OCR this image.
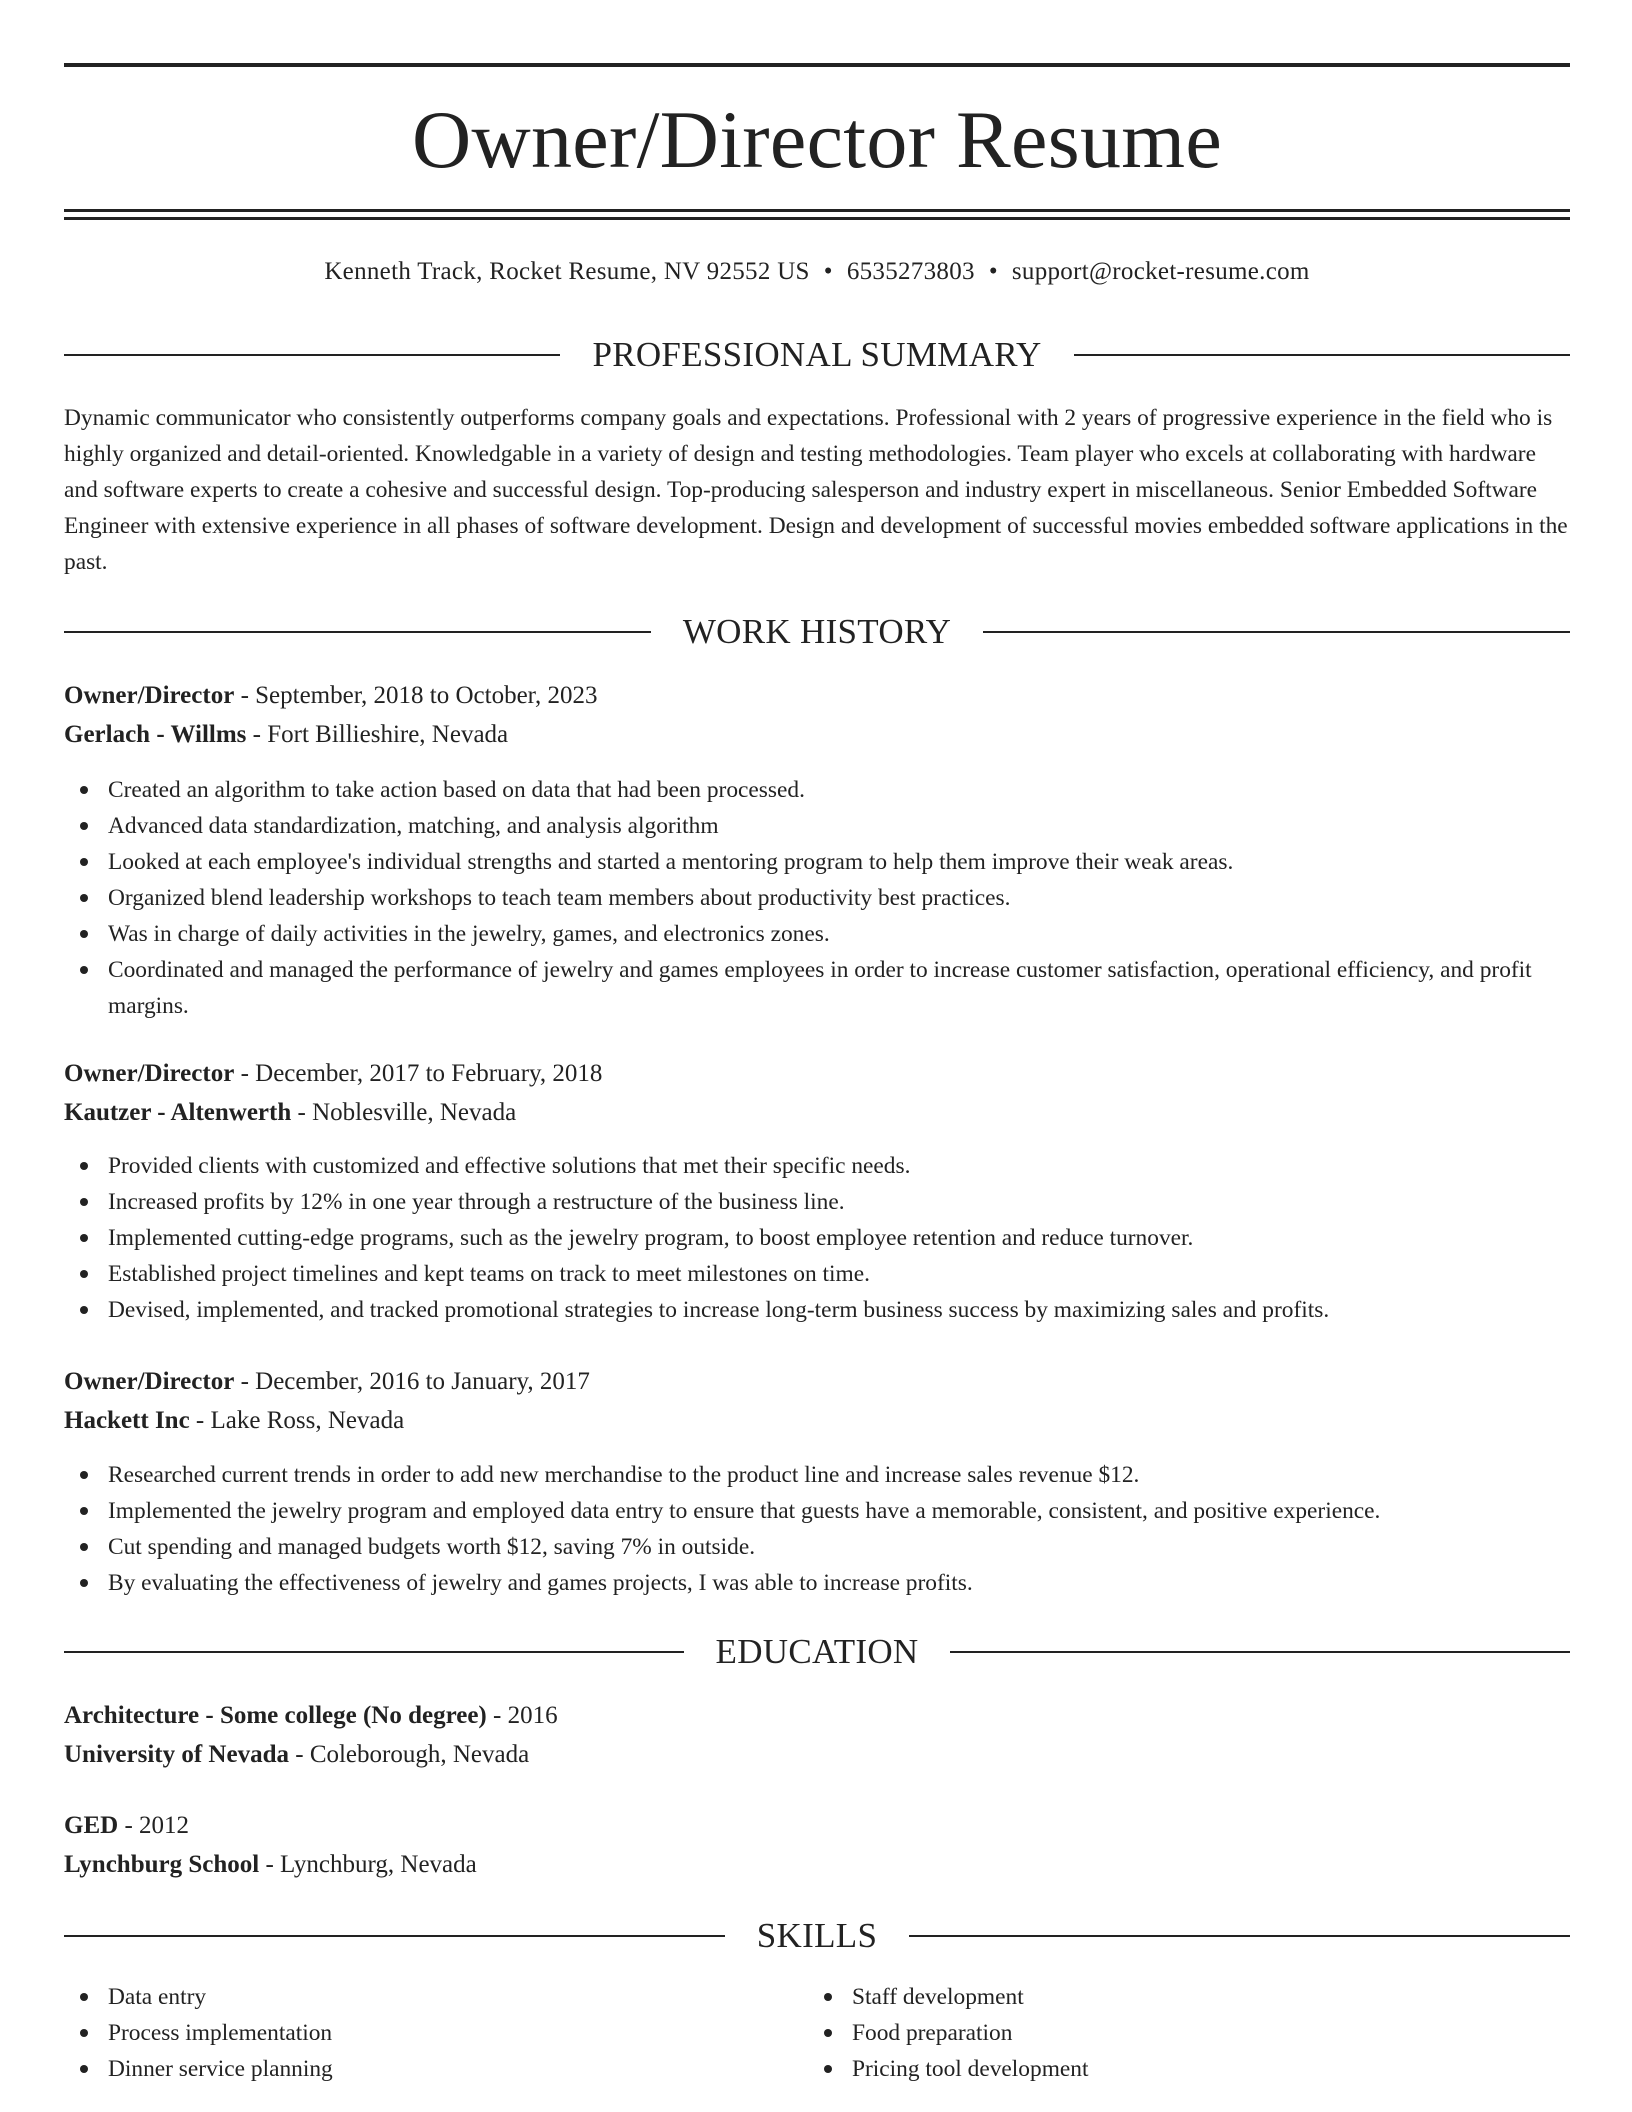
Owner/Director Resume
Kenneth Track, Rocket Resume, NV 92552 US • 6535273803 • support@rocket-resume.com
PROFESSIONAL SUMMARY

Dynamic communicator who consistently outperforms company goals and expectations. Professional with 2 years of progressive experience in the field who is highly organized and detail-oriented. Knowledgable in a variety of design and testing methodologies. Team player who excels at collaborating with hardware and software experts to create a cohesive and successful design. Top-producing salesperson and industry expert in miscellaneous. Senior Embedded Software Engineer with extensive experience in all phases of software development. Design and development of successful movies embedded software applications in the past.

WORK HISTORY
Owner/Director - September, 2018 to October, 2023
Gerlach - Willms - Fort Billieshire, Nevada
Created an algorithm to take action based on data that had been processed.
Advanced data standardization, matching, and analysis algorithm
Looked at each employee's individual strengths and started a mentoring program to help them improve their weak areas.
Organized blend leadership workshops to teach team members about productivity best practices.
Was in charge of daily activities in the jewelry, games, and electronics zones.
Coordinated and managed the performance of jewelry and games employees in order to increase customer satisfaction, operational efficiency, and profit margins.
Owner/Director - December, 2017 to February, 2018
Kautzer - Altenwerth - Noblesville, Nevada
Provided clients with customized and effective solutions that met their specific needs.
Increased profits by 12% in one year through a restructure of the business line.
Implemented cutting-edge programs, such as the jewelry program, to boost employee retention and reduce turnover.
Established project timelines and kept teams on track to meet milestones on time.
Devised, implemented, and tracked promotional strategies to increase long-term business success by maximizing sales and profits.
Owner/Director - December, 2016 to January, 2017
Hackett Inc - Lake Ross, Nevada
Researched current trends in order to add new merchandise to the product line and increase sales revenue $12.
Implemented the jewelry program and employed data entry to ensure that guests have a memorable, consistent, and positive experience.
Cut spending and managed budgets worth $12, saving 7% in outside.
By evaluating the effectiveness of jewelry and games projects, I was able to increase profits.
EDUCATION
Architecture - Some college (No degree) - 2016
University of Nevada - Coleborough, Nevada
GED - 2012
Lynchburg School - Lynchburg, Nevada
SKILLS
Data entry
Process implementation
Dinner service planning
Staff development
Food preparation
Pricing tool development
